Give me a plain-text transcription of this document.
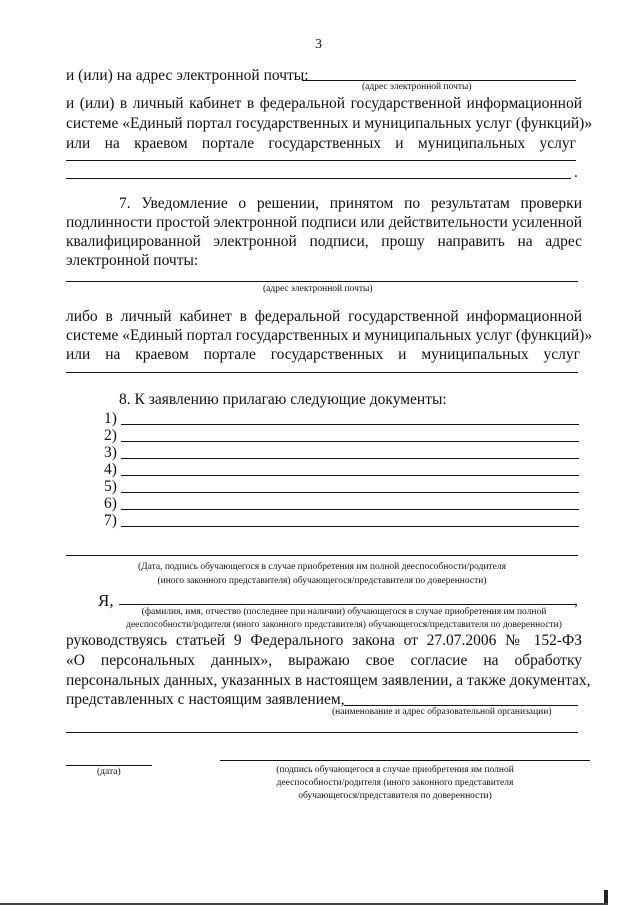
3
и (или) на адрес электронной почты:
(адрес электронной почты)
и (или) в личный кабинет в федеральной государственной информационной
системе «Единый портал государственных и муниципальных услуг (функций)»
или на краевом портале государственных и муниципальных услуг
.
7. Уведомление о решении, принятом по результатам проверки
подлинности простой электронной подписи или действительности усиленной
квалифицированной электронной подписи, прошу направить на адрес
электронной почты:
(адрес электронной почты)
либо в личный кабинет в федеральной государственной информационной
системе «Единый портал государственных и муниципальных услуг (функций)»
или на краевом портале государственных и муниципальных услуг
8. К заявлению прилагаю следующие документы:
1)
2)
3)
4)
5)
6)
7)
(Дата, подпись обучающегося в случае приобретения им полной дееспособности/родителя
(иного законного представителя) обучающегося/представителя по доверенности)
Я,	,
(фамилия, имя, отчество (последнее при наличии) обучающегося в случае приобретения им полной
дееспособности/родителя (иного законного представителя) обучающегося/представителя по доверенности)
руководствуясь статьей 9 Федерального закона от 27.07.2006 № 152-ФЗ
«О персональных данных», выражаю свое согласие на обработку
персональных данных, указанных в настоящем заявлении, а также документах,
представленных с настоящим заявлением,
(наименование и адрес образовательной организации)
(дата)	(подпись обучающегося в случае приобретения им полной
дееспособности/родителя (иного законного представителя
обучающегося/представителя по доверенности)
